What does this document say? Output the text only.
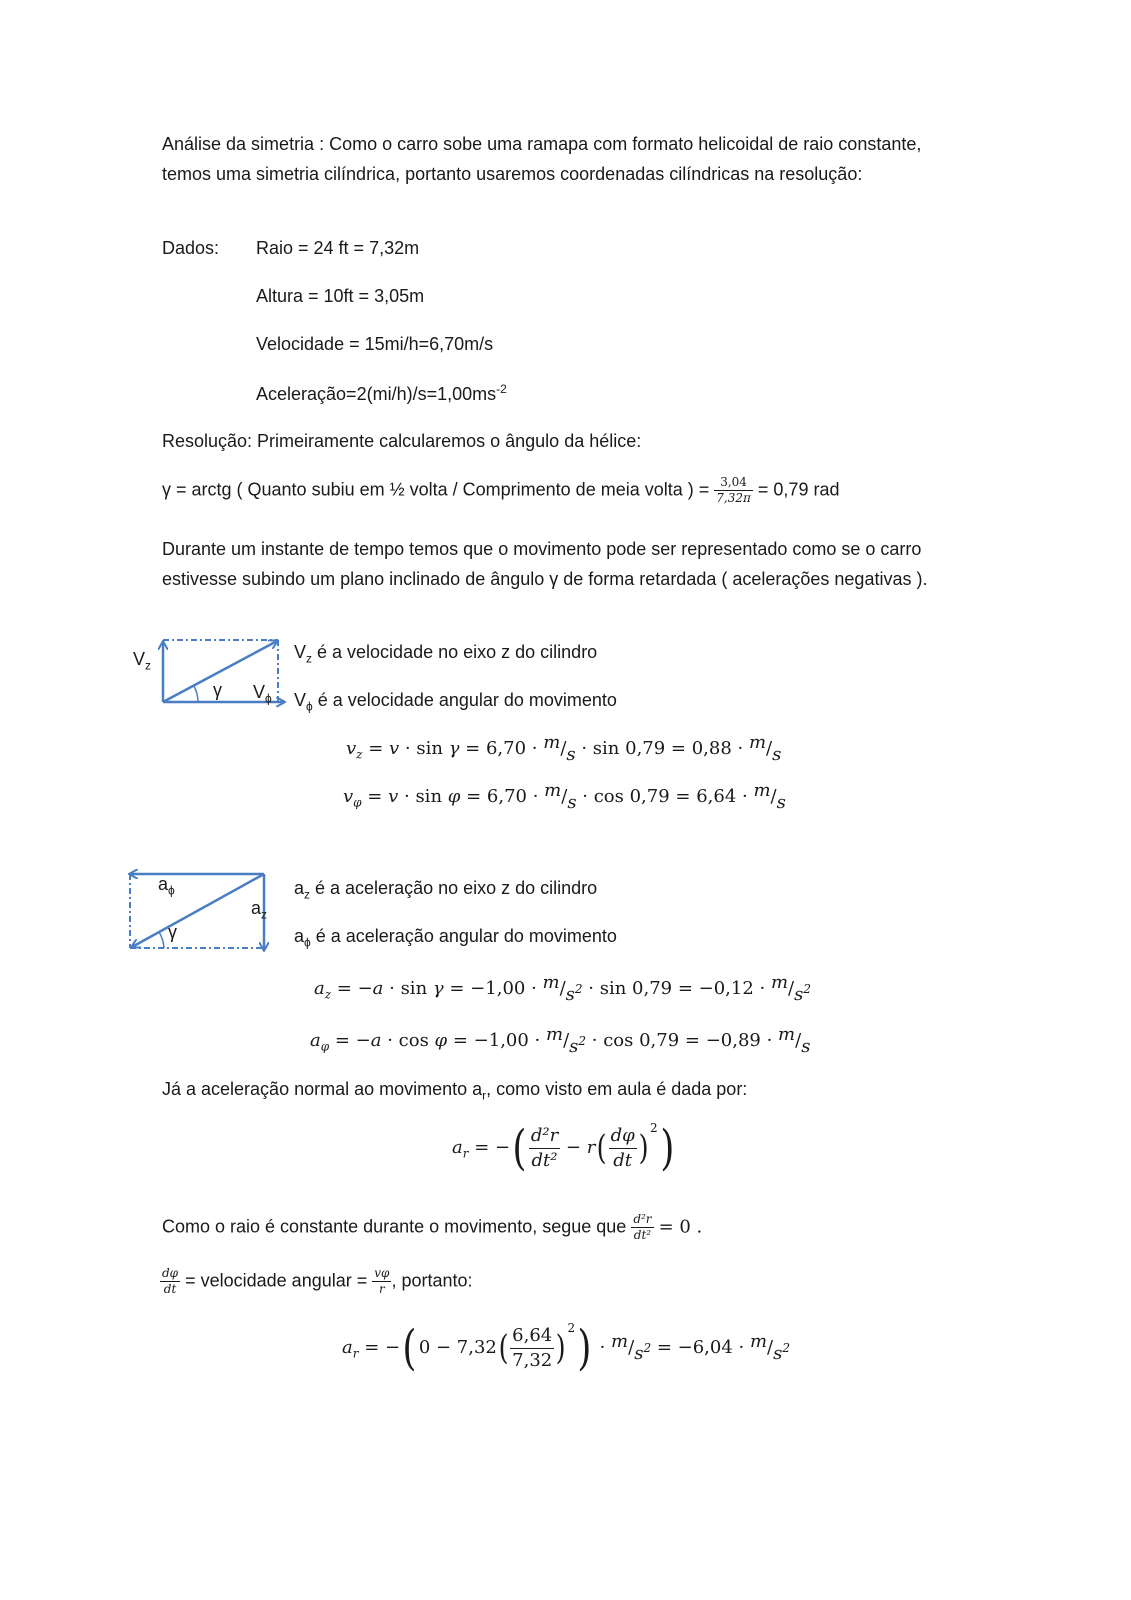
Análise da simetria : Como o carro sobe uma ramapa com formato helicoidal de raio constante, temos uma simetria cilíndrica, portanto usaremos coordenadas cilíndricas na resolução:
Dados: Raio = 24 ft = 7,32m
Altura = 10ft = 3,05m
Velocidade = 15mi/h=6,70m/s
$Aceleração=2(mi/h)/s=1,00ms^{-2}$
Resolução: Primeiramente calcularemos o ângulo da hélice:
γ = arctg ( Quanto subiu em ½ volta / Comprimento de meia volta ) = $\frac{3,04}{7,32\pi} = 0,79$ rad
Durante um instante de tempo temos que o movimento pode ser representado como se o carro estivesse subindo um plano inclinado de ângulo γ de forma retardada ( acelerações negativas ).
$V_z$
γ $V_\phi$
$V_z$ é a velocidade no eixo z do cilindro
$V_\phi$ é a velocidade angular do movimento
$v_z = v \cdot \sin \gamma = 6,70 \cdot m/s \cdot \sin 0,79 = 0,88 \cdot m/s$
$v_\varphi = v \cdot \sin \varphi = 6,70 \cdot m/s \cdot \cos 0,79 = 6,64 \cdot m/s$
$a_\phi$
$a_z$
γ
$a_z$ é a aceleração no eixo z do cilindro
$a_\phi$ é a aceleração angular do movimento
$a_z = -a \cdot \sin \gamma = -1,00 \cdot m/s^2 \cdot \sin 0,79 = -0,12 \cdot m/s^2$
$a_\varphi = -a \cdot \cos \varphi = -1,00 \cdot m/s^2 \cdot \cos 0,79 = -0,89 \cdot m/s$
Já a aceleração normal ao movimento $a_r$, como visto em aula é dada por:
$a_r$ = −( $\frac{\text{d²r}}{\text{dt²}} - r( \frac{d\varphi}{dt}$ ) $^2$)
Como o raio é constante durante o movimento, segue que $\frac{\text{d²r}}{\text{dt²}} = 0$ .
$\frac{d\varphi}{dt}$ = velocidade angular = $\frac{v\varphi}{r}$ , portanto:
$a_r$ = −( $0 - 7,32( \frac{6,64}{7,32}$ ) $^2) \cdot m/s^2 = -6,04 \cdot m/s^2$
